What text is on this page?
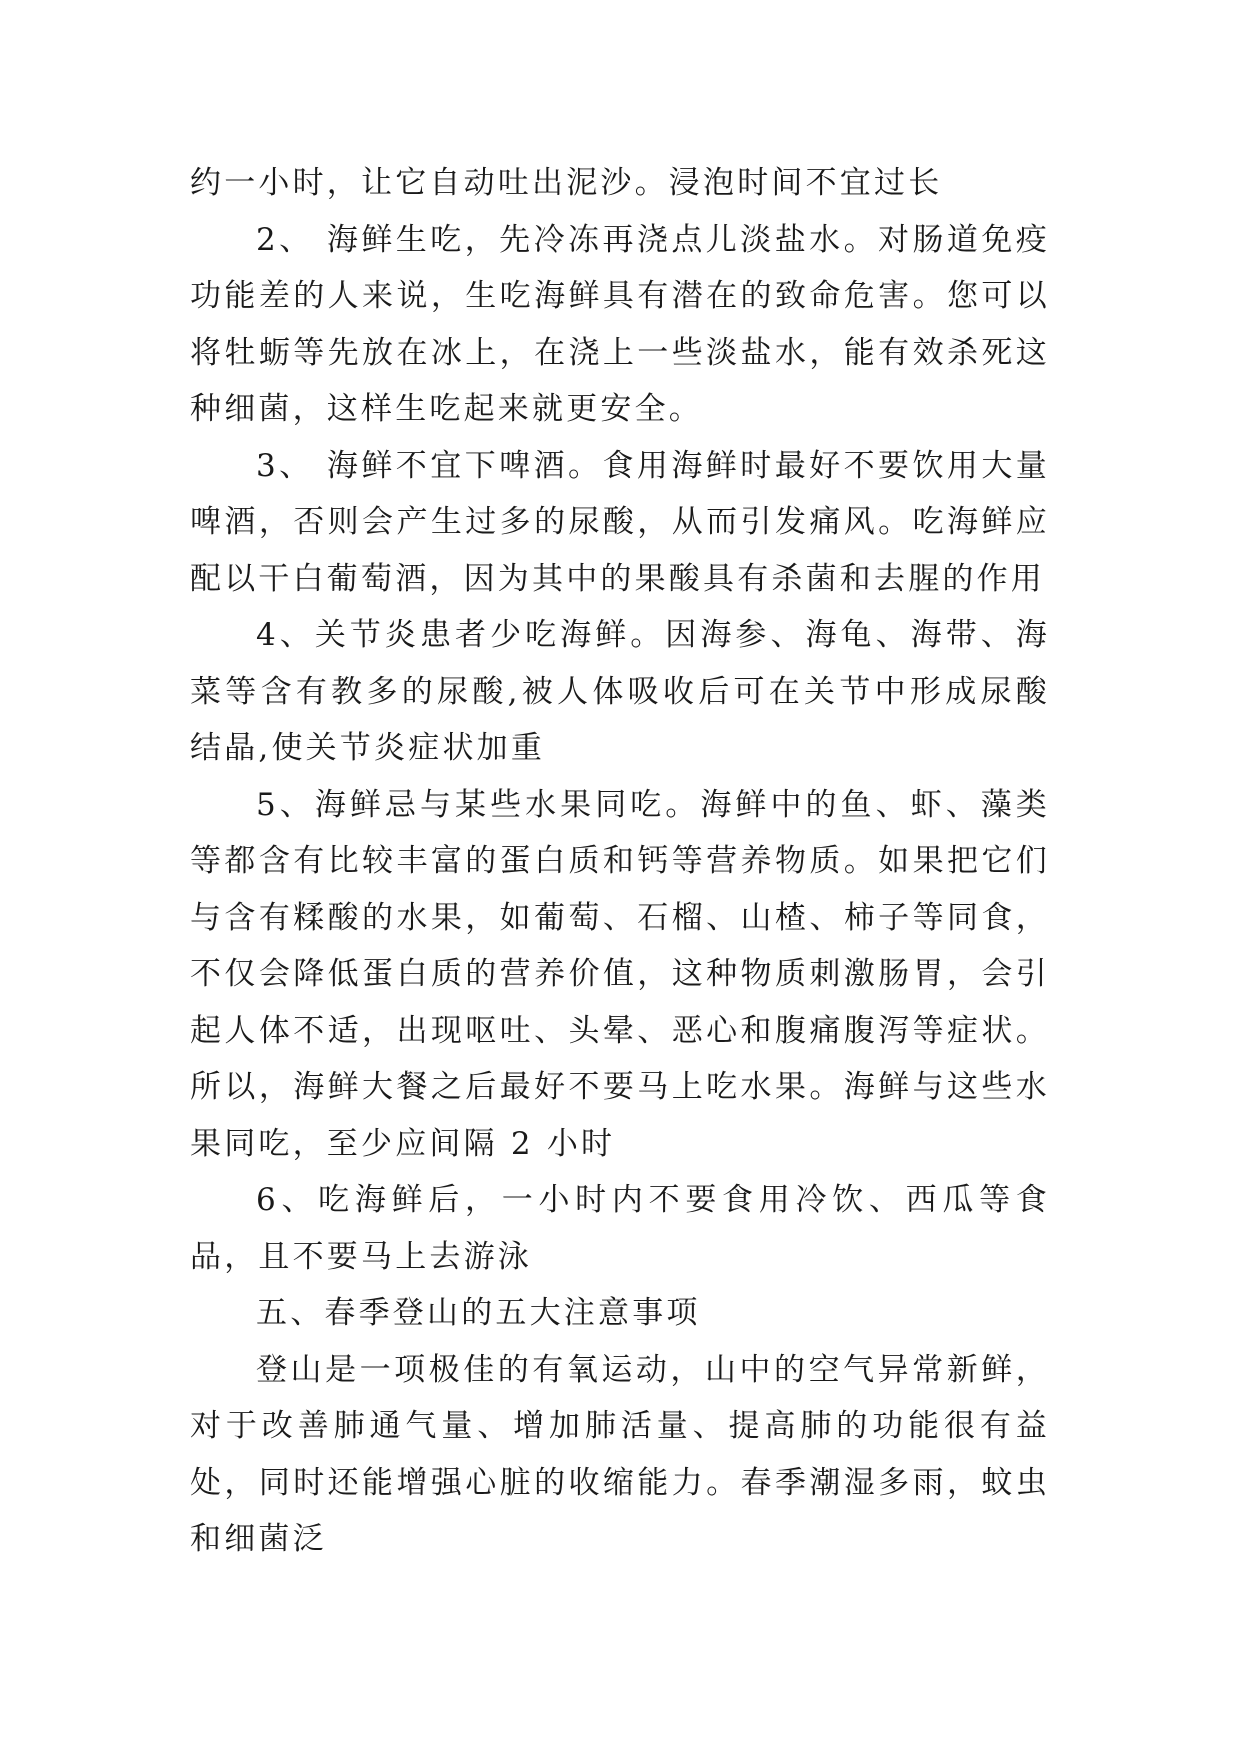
约一小时，让它自动吐出泥沙。浸泡时间不宜过长

2、 海鲜生吃，先冷冻再浇点儿淡盐水。对肠道免疫功能差的人来说，生吃海鲜具有潜在的致命危害。您可以将牡蛎等先放在冰上，在浇上一些淡盐水，能有效杀死这种细菌，这样生吃起来就更安全。

3、 海鲜不宜下啤酒。食用海鲜时最好不要饮用大量啤酒，否则会产生过多的尿酸，从而引发痛风。吃海鲜应配以干白葡萄酒，因为其中的果酸具有杀菌和去腥的作用

4、关节炎患者少吃海鲜。因海参、海龟、海带、海菜等含有教多的尿酸,被人体吸收后可在关节中形成尿酸结晶,使关节炎症状加重

5、海鲜忌与某些水果同吃。海鲜中的鱼、虾、藻类等都含有比较丰富的蛋白质和钙等营养物质。如果把它们与含有糅酸的水果，如葡萄、石榴、山楂、柿子等同食，不仅会降低蛋白质的营养价值，这种物质刺激肠胃，会引起人体不适，出现呕吐、头晕、恶心和腹痛腹泻等症状。所以，海鲜大餐之后最好不要马上吃水果。海鲜与这些水果同吃，至少应间隔 2 小时

6、吃海鲜后，一小时内不要食用冷饮、西瓜等食品，且不要马上去游泳

五、春季登山的五大注意事项

登山是一项极佳的有氧运动，山中的空气异常新鲜，对于改善肺通气量、增加肺活量、提高肺的功能很有益处，同时还能增强心脏的收缩能力。春季潮湿多雨，蚊虫和细菌泛
